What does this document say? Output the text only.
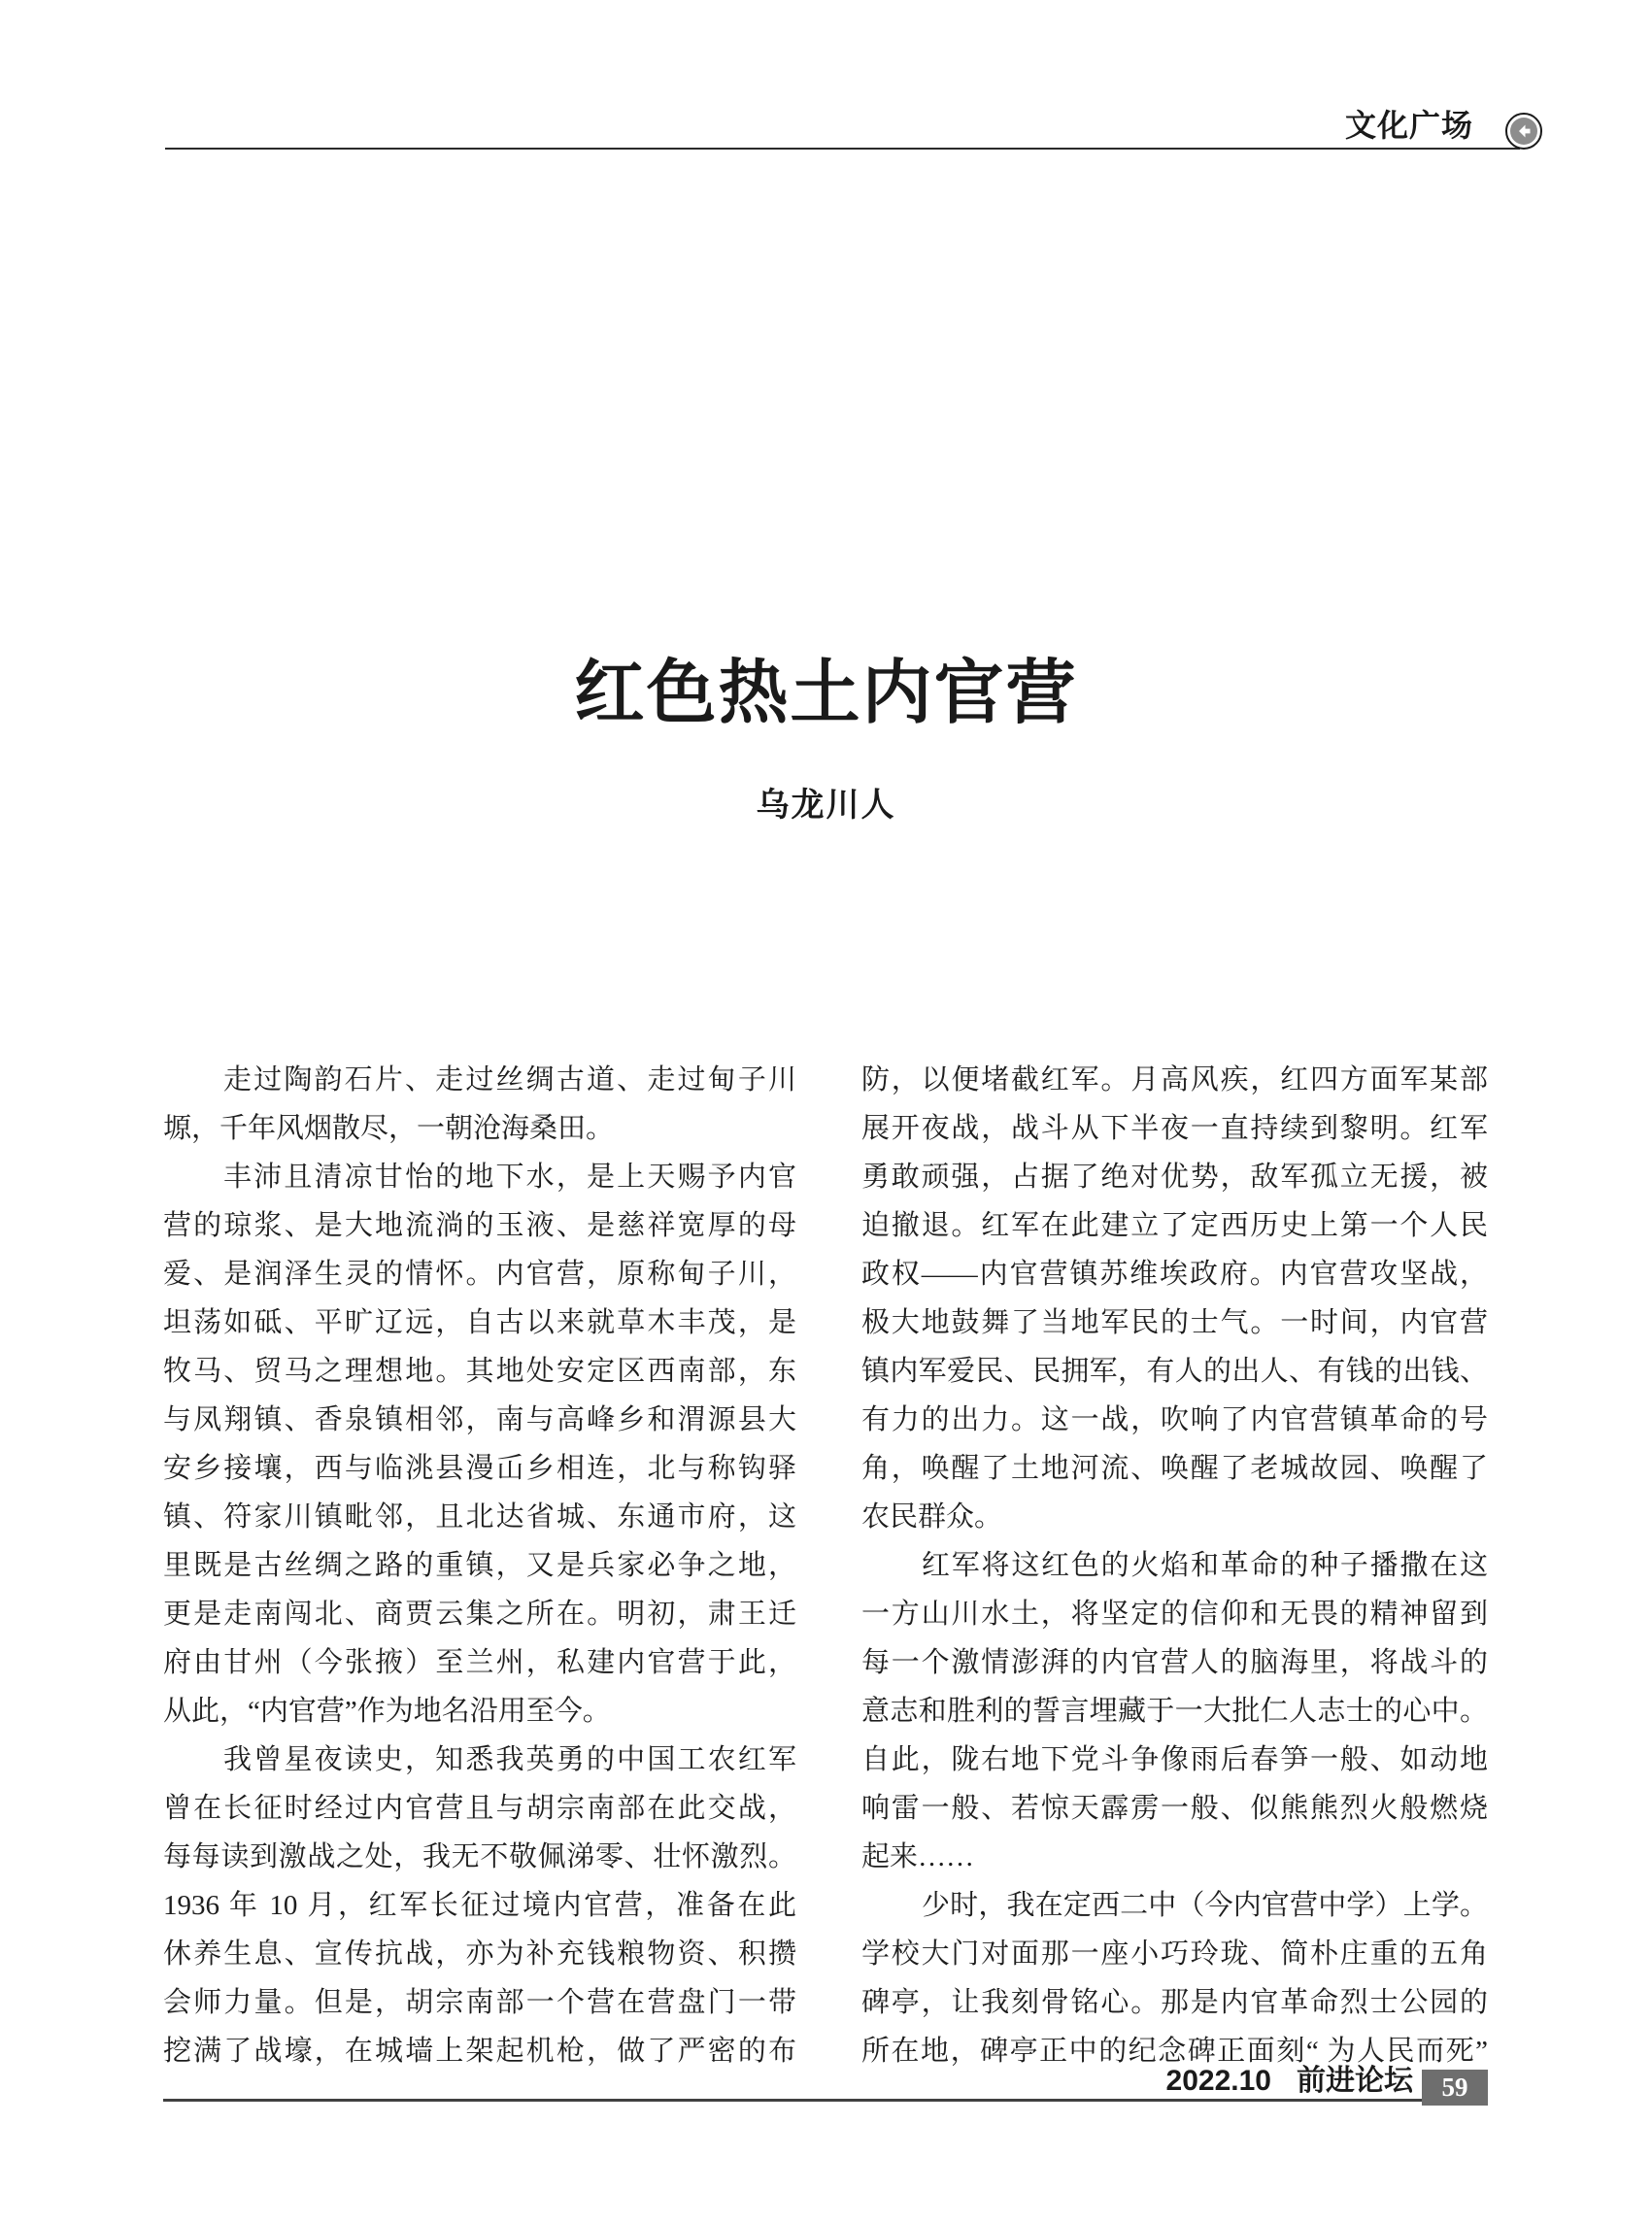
文化广场
红色热土内官营
乌龙川人
走过陶韵石片、走过丝绸古道、走过甸子川
塬，千年风烟散尽，一朝沧海桑田。
丰沛且清凉甘怡的地下水，是上天赐予内官
营的琼浆、是大地流淌的玉液、是慈祥宽厚的母
爱、是润泽生灵的情怀。内官营，原称甸子川，
坦荡如砥、平旷辽远，自古以来就草木丰茂，是
牧马、贸马之理想地。其地处安定区西南部，东
与凤翔镇、香泉镇相邻，南与高峰乡和渭源县大
安乡接壤，西与临洮县漫屲乡相连，北与称钩驿
镇、符家川镇毗邻，且北达省城、东通市府，这
里既是古丝绸之路的重镇，又是兵家必争之地，
更是走南闯北、商贾云集之所在。明初，肃王迁
府由甘州（今张掖）至兰州，私建内官营于此，
从此，“内官营”作为地名沿用至今。
我曾星夜读史，知悉我英勇的中国工农红军
曾在长征时经过内官营且与胡宗南部在此交战，
每每读到激战之处，我无不敬佩涕零、壮怀激烈。
1936 年 10 月，红军长征过境内官营，准备在此
休养生息、宣传抗战，亦为补充钱粮物资、积攒
会师力量。但是，胡宗南部一个营在营盘门一带
挖满了战壕，在城墙上架起机枪，做了严密的布
防，以便堵截红军。月高风疾，红四方面军某部
展开夜战，战斗从下半夜一直持续到黎明。红军
勇敢顽强，占据了绝对优势，敌军孤立无援，被
迫撤退。红军在此建立了定西历史上第一个人民
政权——内官营镇苏维埃政府。内官营攻坚战，
极大地鼓舞了当地军民的士气。一时间，内官营
镇内军爱民、民拥军，有人的出人、有钱的出钱、
有力的出力。这一战，吹响了内官营镇革命的号
角，唤醒了土地河流、唤醒了老城故园、唤醒了
农民群众。
红军将这红色的火焰和革命的种子播撒在这
一方山川水土，将坚定的信仰和无畏的精神留到
每一个激情澎湃的内官营人的脑海里，将战斗的
意志和胜利的誓言埋藏于一大批仁人志士的心中。
自此，陇右地下党斗争像雨后春笋一般、如动地
响雷一般、若惊天霹雳一般、似熊熊烈火般燃烧
起来……
少时，我在定西二中（今内官营中学）上学。
学校大门对面那一座小巧玲珑、简朴庄重的五角
碑亭，让我刻骨铭心。那是内官革命烈士公园的
所在地，碑亭正中的纪念碑正面刻“ 为人民而死”
2022.10 前进论坛	59
